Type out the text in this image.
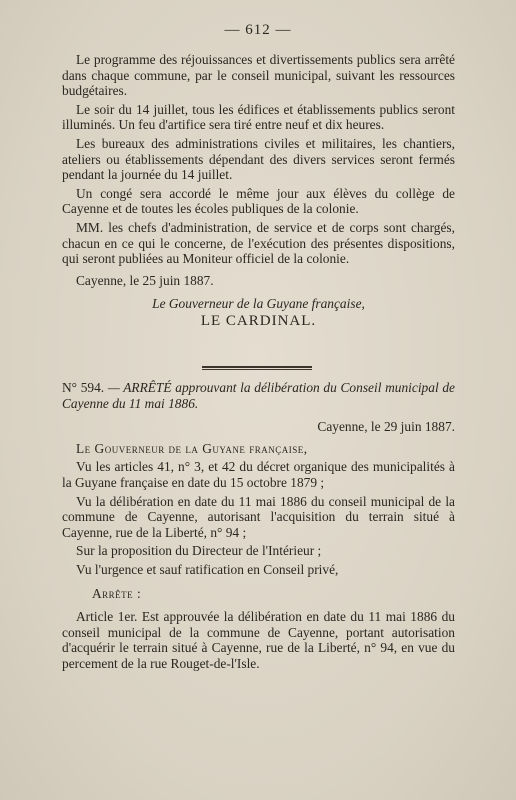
— 612 —

Le programme des réjouissances et divertissements publics sera arrêté dans chaque commune, par le conseil municipal, suivant les ressources budgétaires.

Le soir du 14 juillet, tous les édifices et établissements publics seront illuminés. Un feu d'artifice sera tiré entre neuf et dix heures.

Les bureaux des administrations civiles et militaires, les chantiers, ateliers ou établissements dépendant des divers services seront fermés pendant la journée du 14 juillet.

Un congé sera accordé le même jour aux élèves du collège de Cayenne et de toutes les écoles publiques de la colonie.

MM. les chefs d'administration, de service et de corps sont chargés, chacun en ce qui le concerne, de l'exécution des présentes dispositions, qui seront publiées au Moniteur officiel de la colonie.

Cayenne, le 25 juin 1887.

Le Gouverneur de la Guyane française,

LE CARDINAL.

N° 594. — ARRÊTÉ approuvant la délibération du Conseil municipal de Cayenne du 11 mai 1886.

Cayenne, le 29 juin 1887.

Le Gouverneur de la Guyane française,

Vu les articles 41, n° 3, et 42 du décret organique des municipalités à la Guyane française en date du 15 octobre 1879 ;

Vu la délibération en date du 11 mai 1886 du conseil municipal de la commune de Cayenne, autorisant l'acquisition du terrain situé à Cayenne, rue de la Liberté, n° 94 ;

Sur la proposition du Directeur de l'Intérieur ;

Vu l'urgence et sauf ratification en Conseil privé,

Arrête :

Article 1er. Est approuvée la délibération en date du 11 mai 1886 du conseil municipal de la commune de Cayenne, portant autorisation d'acquérir le terrain situé à Cayenne, rue de la Liberté, n° 94, en vue du percement de la rue Rouget-de-l'Isle.
